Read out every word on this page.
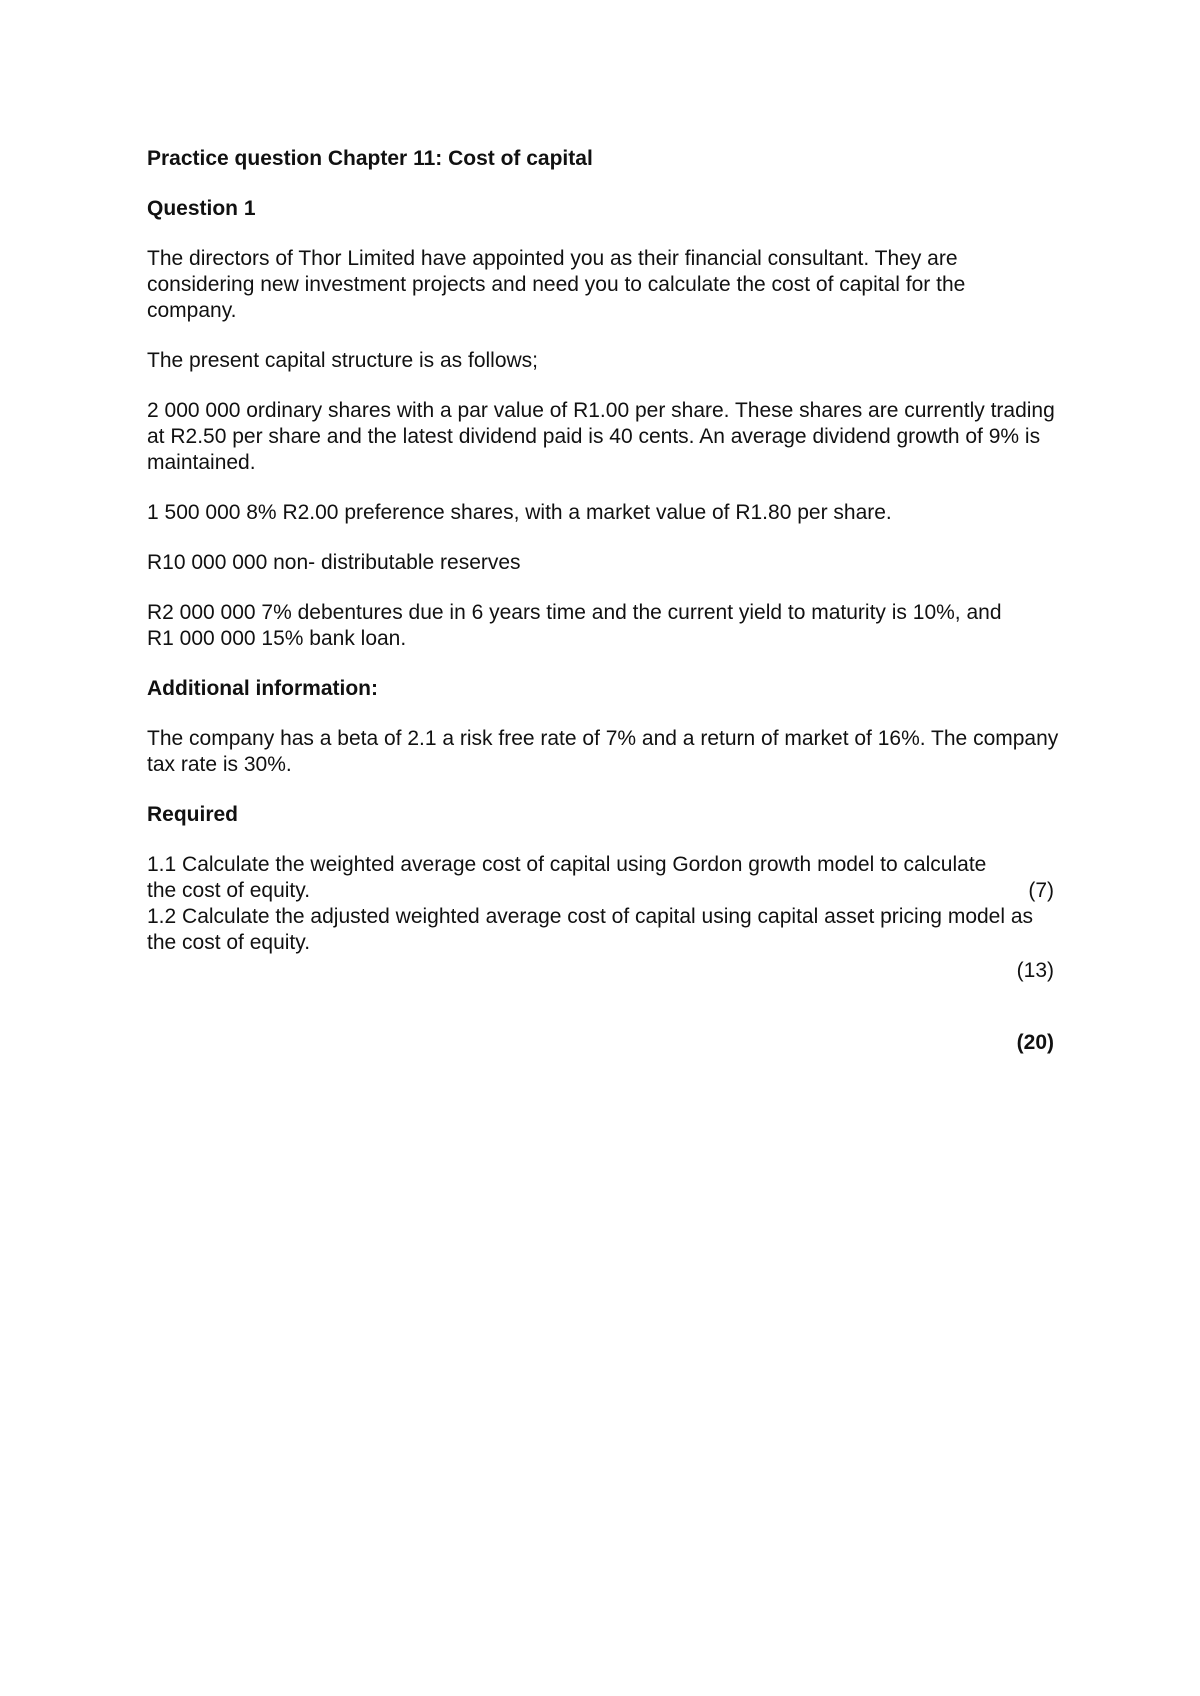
Practice question Chapter 11: Cost of capital

Question 1

The directors of Thor Limited have appointed you as their financial consultant. They are considering new investment projects and need you to calculate the cost of capital for the company.

The present capital structure is as follows;

2 000 000 ordinary shares with a par value of R1.00 per share. These shares are currently trading at R2.50 per share and the latest dividend paid is 40 cents. An average dividend growth of 9% is maintained.

1 500 000 8% R2.00 preference shares, with a market value of R1.80 per share.

R10 000 000 non- distributable reserves

R2 000 000 7% debentures due in 6 years time and the current yield to maturity is 10%, and

R1 000 000 15% bank loan.

Additional information:

The company has a beta of 2.1 a risk free rate of 7% and a return of market of 16%. The company tax rate is 30%.

Required

1.1 Calculate the weighted average cost of capital using Gordon growth model to calculate

the cost of equity.	(7)

1.2 Calculate the adjusted weighted average cost of capital using capital asset pricing model as the cost of equity.

(13)
(20)
